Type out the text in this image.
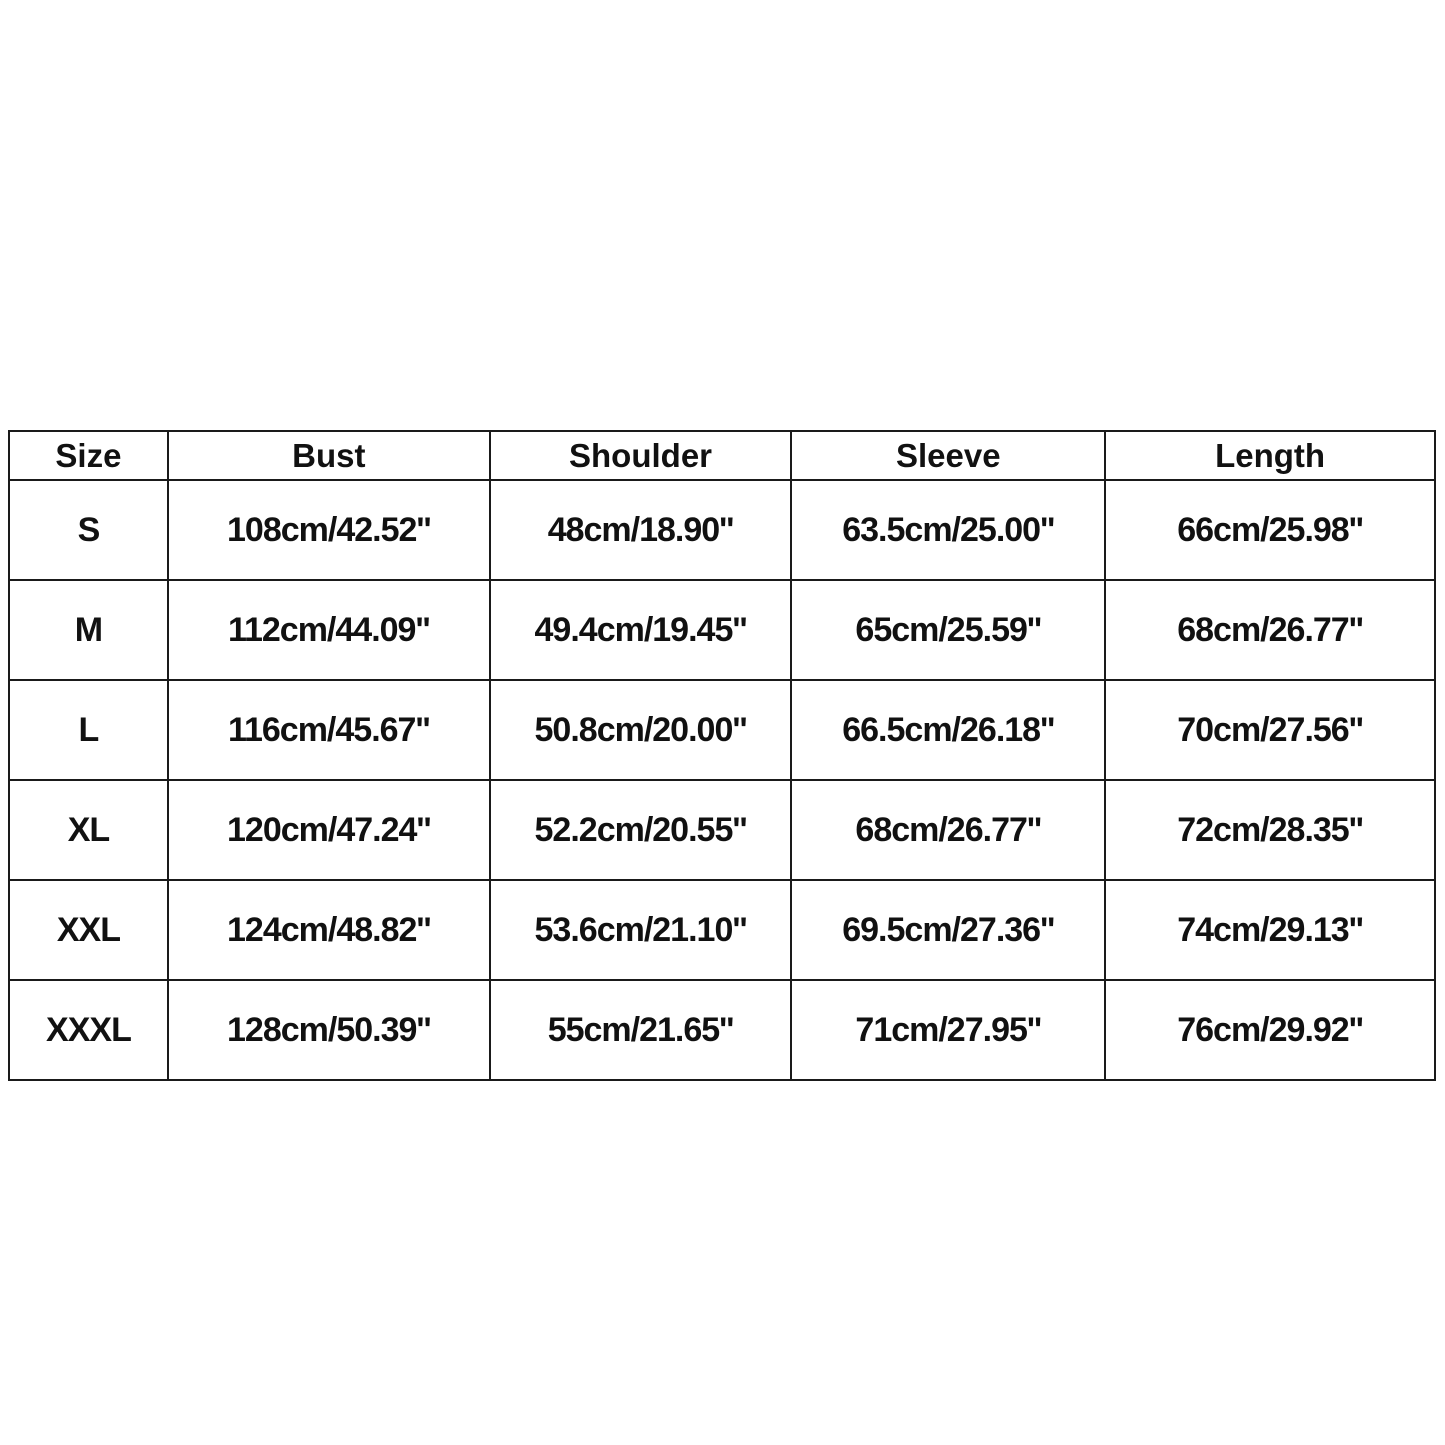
Size	Bust	Shoulder	Sleeve	Length
S	108cm/42.52''	48cm/18.90''	63.5cm/25.00''	66cm/25.98''
M	112cm/44.09''	49.4cm/19.45''	65cm/25.59''	68cm/26.77''
L	116cm/45.67''	50.8cm/20.00''	66.5cm/26.18''	70cm/27.56''
XL	120cm/47.24''	52.2cm/20.55''	68cm/26.77''	72cm/28.35''
XXL	124cm/48.82''	53.6cm/21.10''	69.5cm/27.36''	74cm/29.13''
XXXL	128cm/50.39''	55cm/21.65''	71cm/27.95''	76cm/29.92''
